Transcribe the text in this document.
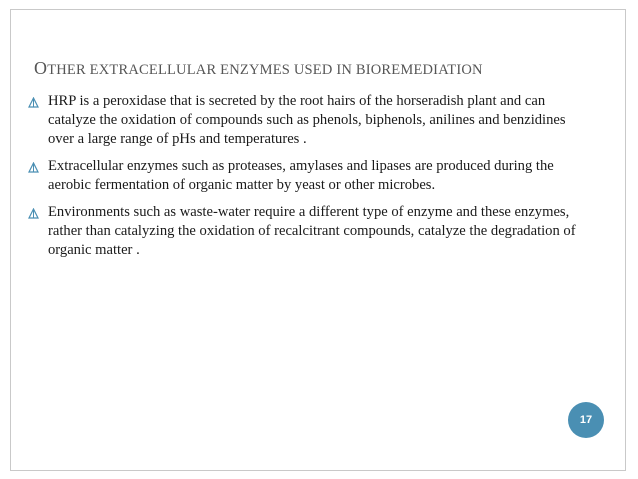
OTHER EXTRACELLULAR ENZYMES USED IN BIOREMEDIATION
HRP is a peroxidase that is secreted by the root hairs of the horseradish plant and can catalyze the oxidation of compounds such as phenols, biphenols, anilines and benzidines over a large range of pHs and temperatures .
Extracellular enzymes such as proteases, amylases and lipases are produced during the aerobic fermentation of organic matter by yeast or other microbes.
Environments such as waste-water require a different type of enzyme and these enzymes, rather than catalyzing the oxidation of recalcitrant compounds, catalyze the degradation of organic matter .
17
